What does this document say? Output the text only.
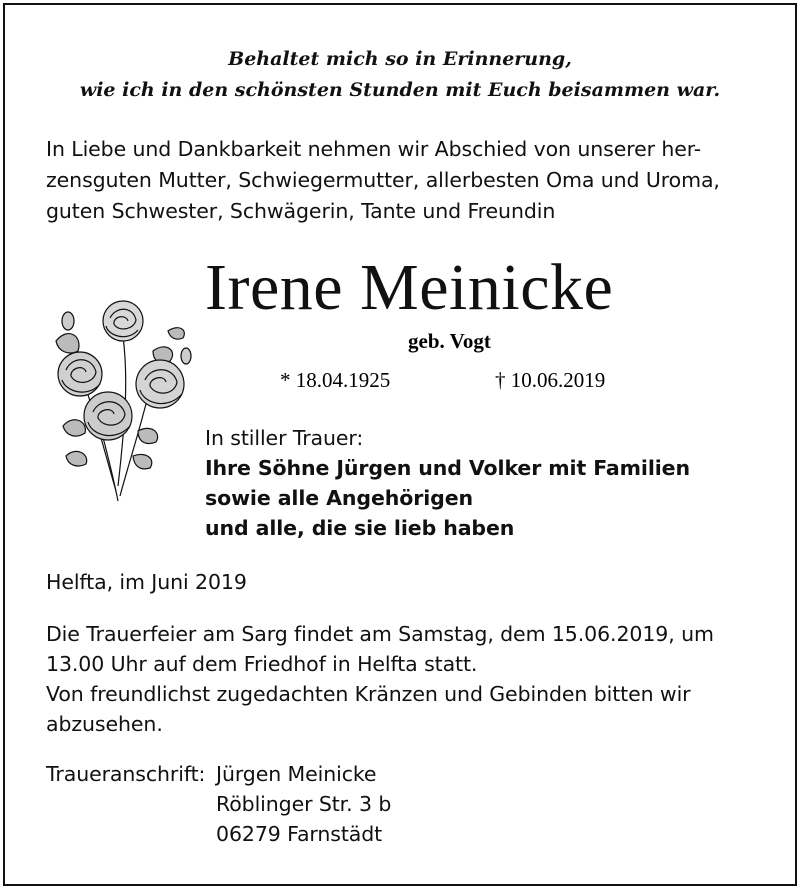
Behaltet mich so in Erinnerung,
wie ich in den schönsten Stunden mit Euch beisammen war.
In Liebe und Dankbarkeit nehmen wir Abschied von unserer her-
zensguten Mutter, Schwiegermutter, allerbesten Oma und Uroma,
guten Schwester, Schwägerin, Tante und Freundin
Irene Meinicke
geb. Vogt
* 18.04.1925	† 10.06.2019
In stiller Trauer:
Ihre Söhne Jürgen und Volker mit Familien
sowie alle Angehörigen
und alle, die sie lieb haben
Helfta, im Juni 2019
Die Trauerfeier am Sarg findet am Samstag, dem 15.06.2019, um
13.00 Uhr auf dem Friedhof in Helfta statt.
Von freundlichst zugedachten Kränzen und Gebinden bitten wir
abzusehen.
Traueranschrift: Jürgen Meinicke
Röblinger Str. 3 b
06279 Farnstädt
